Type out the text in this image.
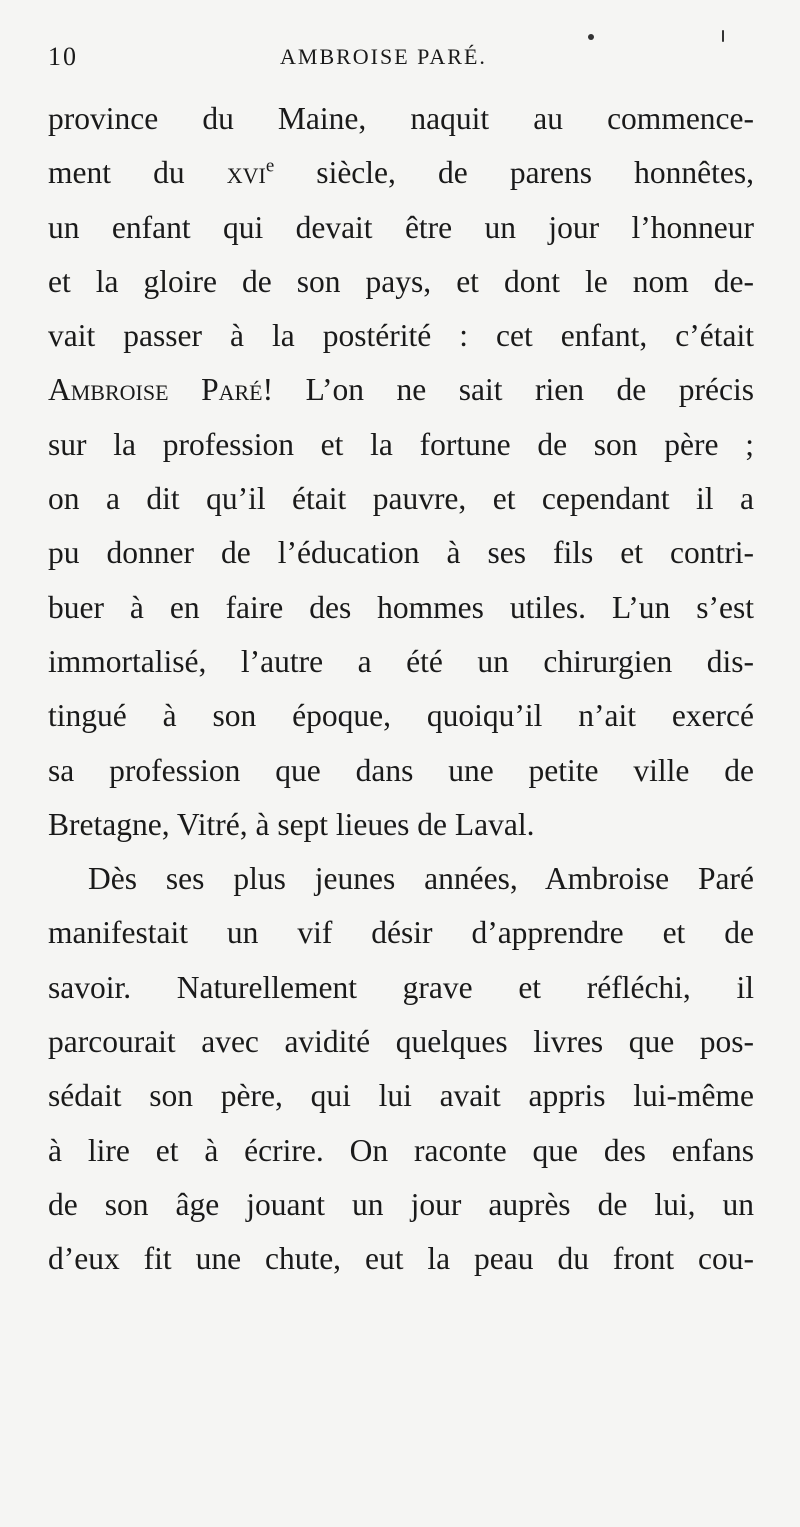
10	AMBROISE PARÉ.
province du Maine, naquit au commence-
ment du xvi$^e$ siècle, de parens honnêtes,
un enfant qui devait être un jour l’honneur
et la gloire de son pays, et dont le nom de-
vait passer à la postérité : cet enfant, c’était
Ambroise Paré! L’on ne sait rien de précis
sur la profession et la fortune de son père ;
on a dit qu’il était pauvre, et cependant il a
pu donner de l’éducation à ses fils et contri-
buer à en faire des hommes utiles. L’un s’est
immortalisé, l’autre a été un chirurgien dis-
tingué à son époque, quoiqu’il n’ait exercé
sa profession que dans une petite ville de
Bretagne, Vitré, à sept lieues de Laval.
Dès ses plus jeunes années, Ambroise Paré
manifestait un vif désir d’apprendre et de
savoir. Naturellement grave et réfléchi, il
parcourait avec avidité quelques livres que pos-
sédait son père, qui lui avait appris lui-même
à lire et à écrire. On raconte que des enfans
de son âge jouant un jour auprès de lui, un
d’eux fit une chute, eut la peau du front cou-
